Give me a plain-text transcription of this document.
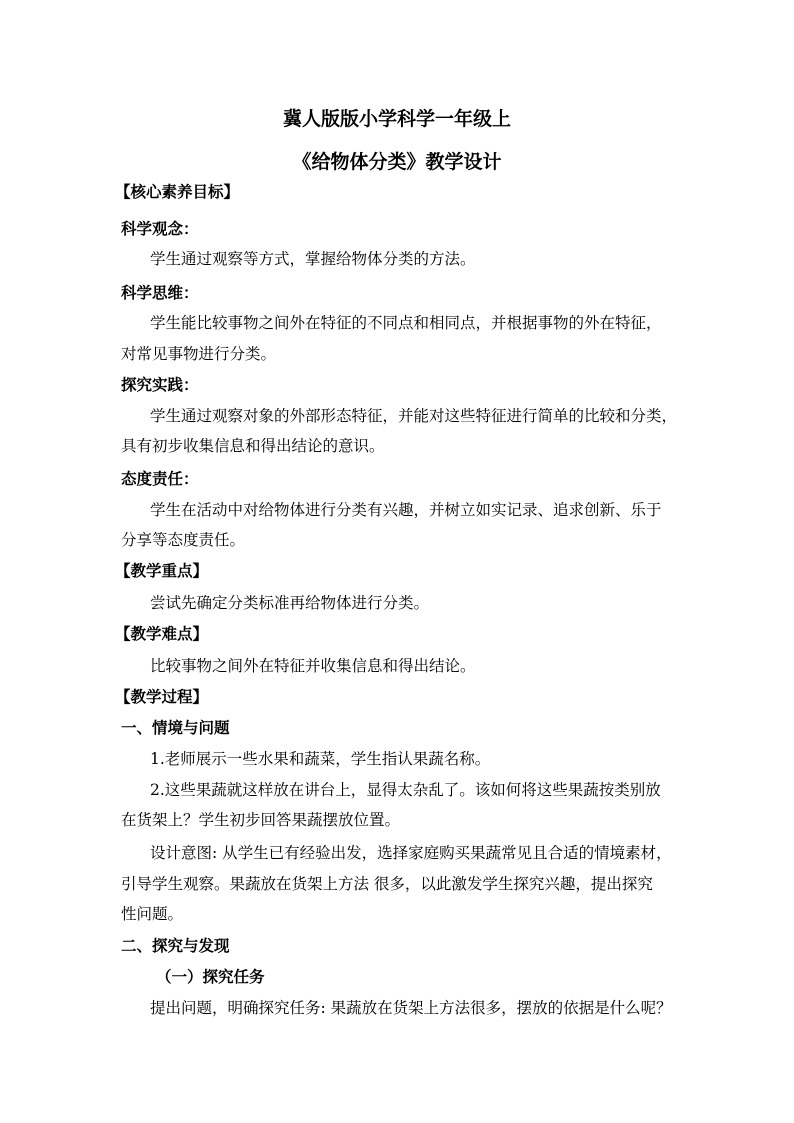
冀人版版小学科学一年级上
《给物体分类》教学设计
【核心素养目标】
科学观念：
学生通过观察等方式，掌握给物体分类的方法。
科学思维：
学生能比较事物之间外在特征的不同点和相同点，并根据事物的外在特征，
对常见事物进行分类。
探究实践：
学生通过观察对象的外部形态特征，并能对这些特征进行简单的比较和分类，
具有初步收集信息和得出结论的意识。
态度责任：
学生在活动中对给物体进行分类有兴趣，并树立如实记录、追求创新、乐于
分享等态度责任。
【教学重点】
尝试先确定分类标准再给物体进行分类。
【教学难点】
比较事物之间外在特征并收集信息和得出结论。
【教学过程】
一、情境与问题
1.老师展示一些水果和蔬菜，学生指认果蔬名称。
2.这些果蔬就这样放在讲台上，显得太杂乱了。该如何将这些果蔬按类别放
在货架上？学生初步回答果蔬摆放位置。
设计意图: 从学生已有经验出发，选择家庭购买果蔬常见且合适的情境素材，
引导学生观察。果蔬放在货架上方法 很多，以此激发学生探究兴趣，提出探究
性问题。
二、探究与发现
（一）探究任务
提出问题，明确探究任务: 果蔬放在货架上方法很多，摆放的依据是什么呢？
